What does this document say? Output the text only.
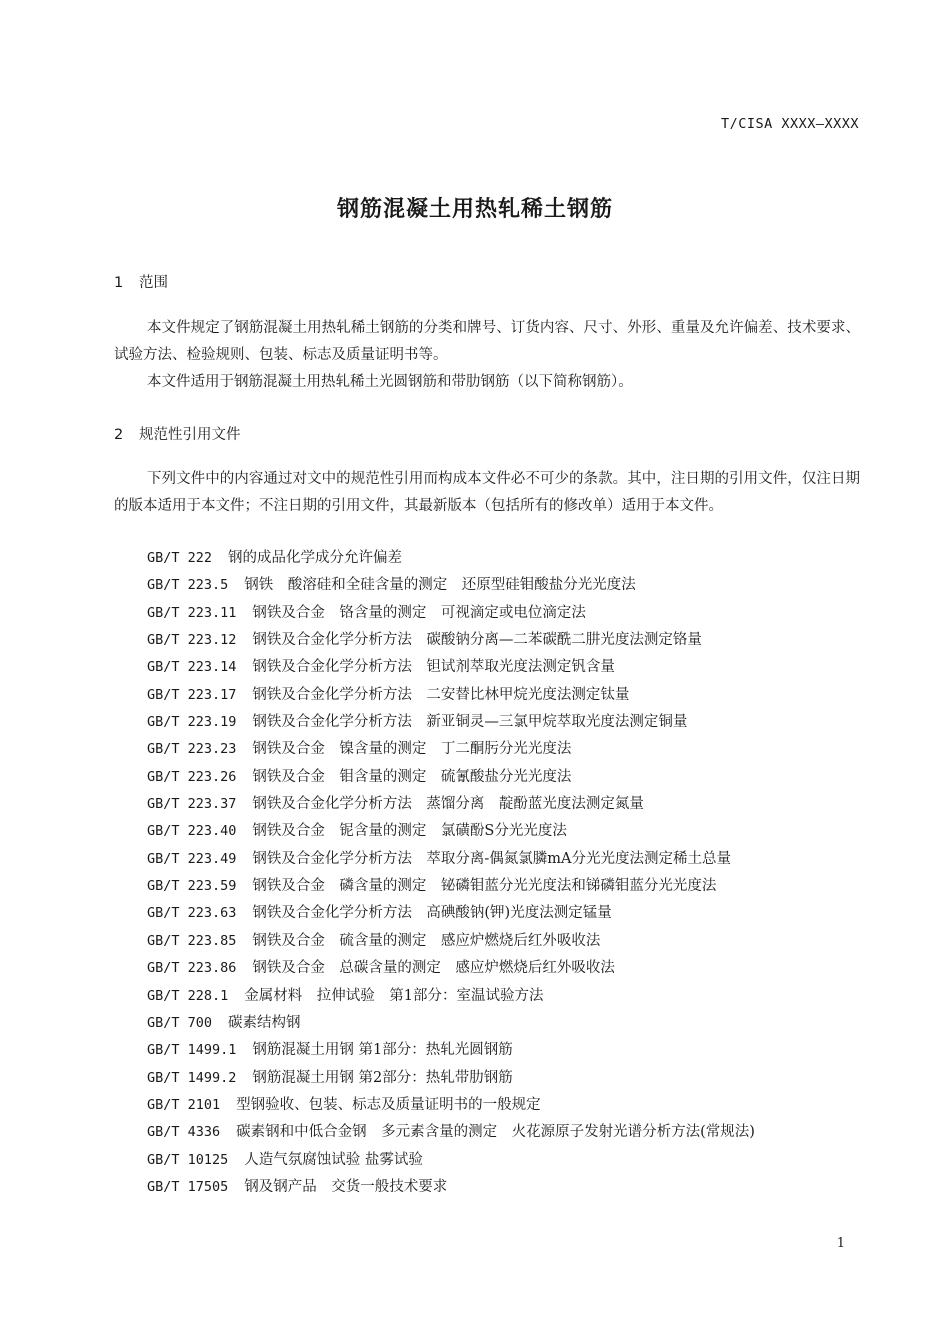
T/CISA XXXX—XXXX
钢筋混凝土用热轧稀土钢筋
1 范围
本文件规定了钢筋混凝土用热轧稀土钢筋的分类和牌号、订货内容、尺寸、外形、重量及允许偏差、技术要求、试验方法、检验规则、包装、标志及质量证明书等。
本文件适用于钢筋混凝土用热轧稀土光圆钢筋和带肋钢筋（以下简称钢筋）。
2 规范性引用文件
下列文件中的内容通过对文中的规范性引用而构成本文件必不可少的条款。其中，注日期的引用文件，仅注日期的版本适用于本文件；不注日期的引用文件，其最新版本（包括所有的修改单）适用于本文件。
GB/T 222 钢的成品化学成分允许偏差
GB/T 223.5 钢铁　酸溶硅和全硅含量的测定　还原型硅钼酸盐分光光度法
GB/T 223.11 钢铁及合金　铬含量的测定　可视滴定或电位滴定法
GB/T 223.12 钢铁及合金化学分析方法　碳酸钠分离—二苯碳酰二肼光度法测定铬量
GB/T 223.14 钢铁及合金化学分析方法　钽试剂萃取光度法测定钒含量
GB/T 223.17 钢铁及合金化学分析方法　二安替比林甲烷光度法测定钛量
GB/T 223.19 钢铁及合金化学分析方法　新亚铜灵—三氯甲烷萃取光度法测定铜量
GB/T 223.23 钢铁及合金　镍含量的测定　丁二酮肟分光光度法
GB/T 223.26 钢铁及合金　钼含量的测定　硫氰酸盐分光光度法
GB/T 223.37 钢铁及合金化学分析方法　蒸馏分离　靛酚蓝光度法测定氮量
GB/T 223.40 钢铁及合金　铌含量的测定　氯磺酚S分光光度法
GB/T 223.49 钢铁及合金化学分析方法　萃取分离-偶氮氯膦mA分光光度法测定稀土总量
GB/T 223.59 钢铁及合金　磷含量的测定　铋磷钼蓝分光光度法和锑磷钼蓝分光光度法
GB/T 223.63 钢铁及合金化学分析方法　高碘酸钠(钾)光度法测定锰量
GB/T 223.85 钢铁及合金　硫含量的测定　感应炉燃烧后红外吸收法
GB/T 223.86 钢铁及合金　总碳含量的测定　感应炉燃烧后红外吸收法
GB/T 228.1 金属材料　拉伸试验　第1部分：室温试验方法
GB/T 700 碳素结构钢
GB/T 1499.1 钢筋混凝土用钢 第1部分：热轧光圆钢筋
GB/T 1499.2 钢筋混凝土用钢 第2部分：热轧带肋钢筋
GB/T 2101 型钢验收、包装、标志及质量证明书的一般规定
GB/T 4336 碳素钢和中低合金钢　多元素含量的测定　火花源原子发射光谱分析方法(常规法)
GB/T 10125 人造气氛腐蚀试验 盐雾试验
GB/T 17505 钢及钢产品　交货一般技术要求
1
